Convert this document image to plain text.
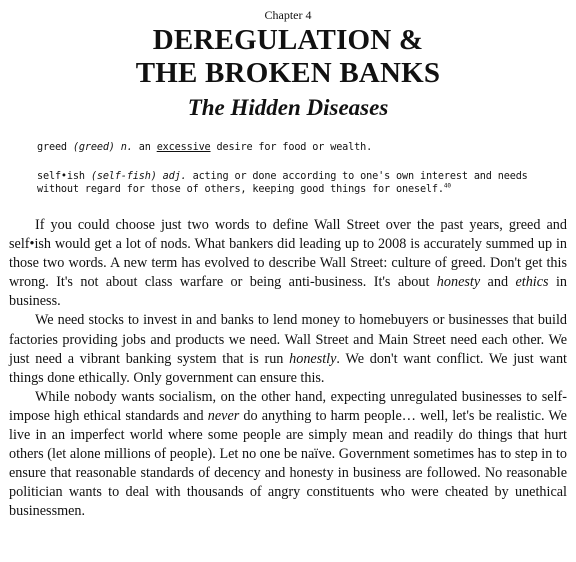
Chapter 4
DEREGULATION &
THE BROKEN BANKS
The Hidden Diseases
greed (greed) n. an excessive desire for food or wealth.
self•ish (self-fish) adj. acting or done according to one's own interest and needs without regard for those of others, keeping good things for oneself.$^{40}$

If you could choose just two words to define Wall Street over the past years, greed and self•ish would get a lot of nods. What bankers did leading up to 2008 is accurately summed up in those two words. A new term has evolved to describe Wall Street: culture of greed. Don't get this wrong. It's not about class warfare or being anti-business. It's about honesty and ethics in business.

We need stocks to invest in and banks to lend money to homebuyers or businesses that build factories providing jobs and products we need. Wall Street and Main Street need each other. We just need a vibrant banking system that is run honestly. We don't want conflict. We just want things done ethically. Only government can ensure this.

While nobody wants socialism, on the other hand, expecting unregulated businesses to self-impose high ethical standards and never do anything to harm people… well, let's be realistic. We live in an imperfect world where some people are simply mean and readily do things that hurt others (let alone millions of people). Let no one be naïve. Government sometimes has to step in to ensure that reasonable standards of decency and honesty in business are followed. No reasonable politician wants to deal with thousands of angry constituents who were cheated by unethical businessmen.
